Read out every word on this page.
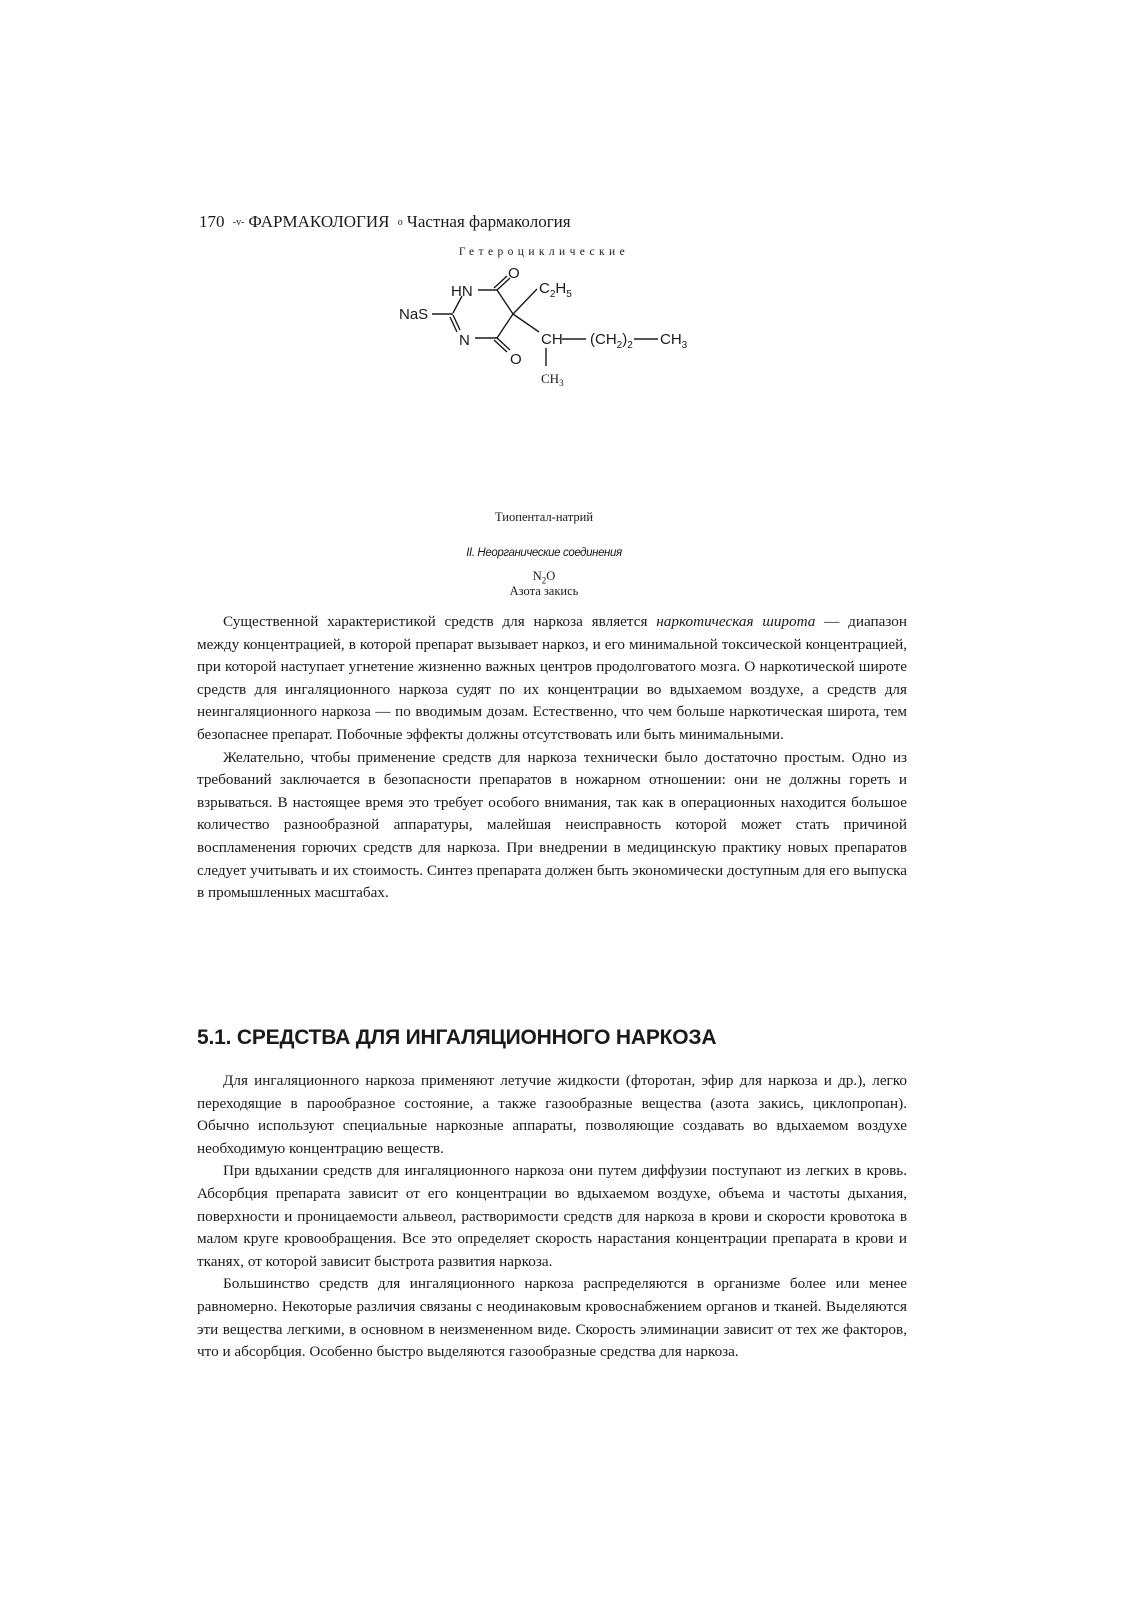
170 -v- ФАРМАКОЛОГИЯ о Частная фармакология
Гетероциклические
O
HN
NaS
N
O
$C_2H_5$
CH $(CH_2)_2$ $CH_3$
$CH_3$
Тиопентал-натрий
II. Неорганические соединения
$N_2O$
Азота закись

Существенной характеристикой средств для наркоза является наркотическая широта — диапазон между концентрацией, в которой препарат вызывает наркоз, и его минимальной токсической концентрацией, при которой наступает угнетение жизненно важных центров продолговатого мозга. О наркотической широте средств для ингаляционного наркоза судят по их концентрации во вдыхаемом воздухе, а средств для неингаляционного наркоза — по вводимым дозам. Естественно, что чем больше наркотическая широта, тем безопаснее препарат. Побочные эффекты должны отсутствовать или быть минимальными.

Желательно, чтобы применение средств для наркоза технически было достаточно простым. Одно из требований заключается в безопасности препаратов в ножарном отношении: они не должны гореть и взрываться. В настоящее время это требует особого внимания, так как в операционных находится большое количество разнообразной аппаратуры, малейшая неисправность которой может стать причиной воспламенения горючих средств для наркоза. При внедрении в медицинскую практику новых препаратов следует учитывать и их стоимость. Синтез препарата должен быть экономически доступным для его выпуска в промышленных масштабах.

5.1. СРЕДСТВА ДЛЯ ИНГАЛЯЦИОННОГО НАРКОЗА

Для ингаляционного наркоза применяют летучие жидкости (фторотан, эфир для наркоза и др.), легко переходящие в парообразное состояние, а также газообразные вещества (азота закись, циклопропан). Обычно используют специальные наркозные аппараты, позволяющие создавать во вдыхаемом воздухе необходимую концентрацию веществ.

При вдыхании средств для ингаляционного наркоза они путем диффузии поступают из легких в кровь. Абсорбция препарата зависит от его концентрации во вдыхаемом воздухе, объема и частоты дыхания, поверхности и проницаемости альвеол, растворимости средств для наркоза в крови и скорости кровотока в малом круге кровообращения. Все это определяет скорость нарастания концентрации препарата в крови и тканях, от которой зависит быстрота развития наркоза.

Большинство средств для ингаляционного наркоза распределяются в организме более или менее равномерно. Некоторые различия связаны с неодинаковым кровоснабжением органов и тканей. Выделяются эти вещества легкими, в основном в неизмененном виде. Скорость элиминации зависит от тех же факторов, что и абсорбция. Особенно быстро выделяются газообразные средства для наркоза.
